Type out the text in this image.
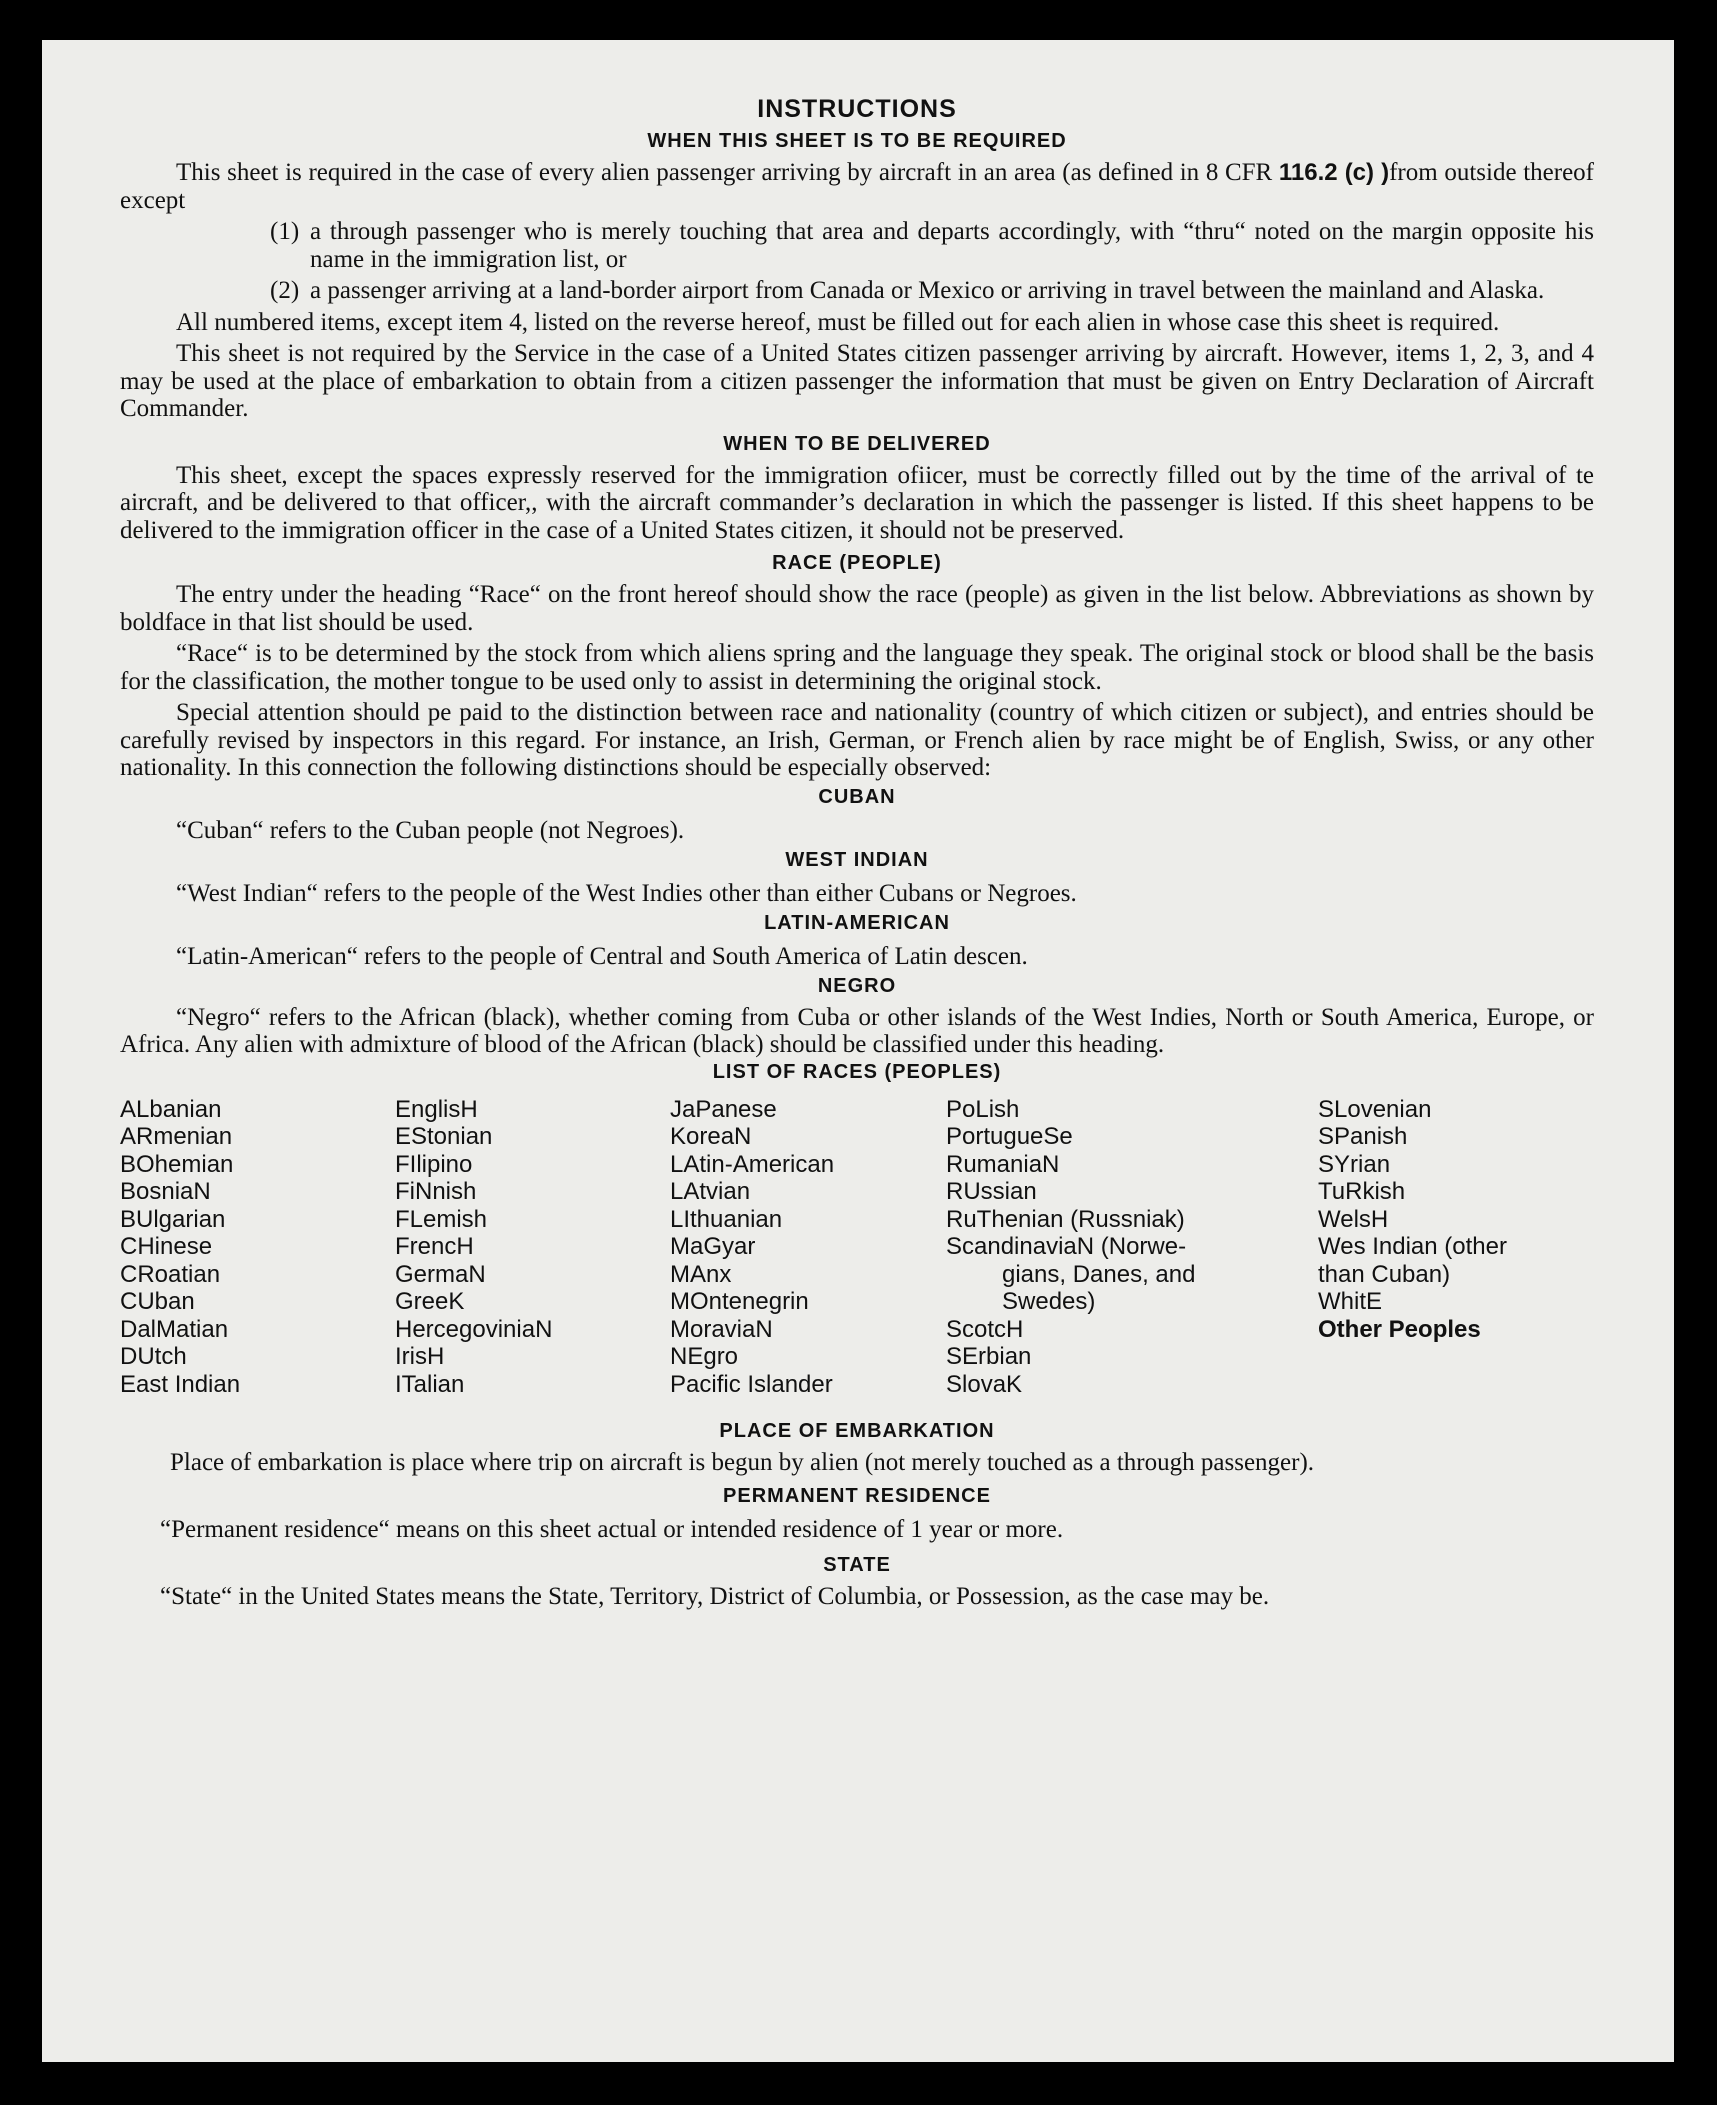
INSTRUCTIONS
WHEN THIS SHEET IS TO BE REQUIRED

This sheet is required in the case of every alien passenger arriving by aircraft in an area (as defined in 8 CFR 116.2 (c) )from outside thereof except

(1) a through passenger who is merely touching that area and departs accordingly, with “thru“ noted on the margin opposite his name in the immigration list, or
(2) a passenger arriving at a land-border airport from Canada or Mexico or arriving in travel between the mainland and Alaska.

All numbered items, except item 4, listed on the reverse hereof, must be filled out for each alien in whose case this sheet is required.

This sheet is not required by the Service in the case of a United States citizen passenger arriving by aircraft. However, items 1, 2, 3, and 4 may be used at the place of embarkation to obtain from a citizen passenger the information that must be given on Entry Declaration of Aircraft Commander.

WHEN TO BE DELIVERED

This sheet, except the spaces expressly reserved for the immigration ofiicer, must be correctly filled out by the time of the arrival of te aircraft, and be delivered to that officer,, with the aircraft commander’s declaration in which the passenger is listed. If this sheet happens to be delivered to the immigration officer in the case of a United States citizen, it should not be preserved.

RACE (PEOPLE)

The entry under the heading “Race“ on the front hereof should show the race (people) as given in the list below. Abbreviations as shown by boldface in that list should be used.

“Race“ is to be determined by the stock from which aliens spring and the language they speak. The original stock or blood shall be the basis for the classification, the mother tongue to be used only to assist in determining the original stock.

Special attention should pe paid to the distinction between race and nationality (country of which citizen or subject), and entries should be carefully revised by inspectors in this regard. For instance, an Irish, German, or French alien by race might be of English, Swiss, or any other nationality. In this connection the following distinctions should be especially observed:

CUBAN
“Cuban“ refers to the Cuban people (not Negroes).
WEST INDIAN
“West Indian“ refers to the people of the West Indies other than either Cubans or Negroes.
LATIN-AMERICAN
“Latin-American“ refers to the people of Central and South America of Latin descen.
NEGRO

“Negro“ refers to the African (black), whether coming from Cuba or other islands of the West Indies, North or South America, Europe, or Africa. Any alien with admixture of blood of the African (black) should be classified under this heading.

LIST OF RACES (PEOPLES)
ALbanian
ARmenian
BOhemian
BosniaN
BUlgarian
CHinese
CRoatian
CUban
DalMatian
DUtch
East Indian
EnglisH
EStonian
FIlipino
FiNnish
FLemish
FrencH
GermaN
GreeK
HercegoviniaN
IrisH
ITalian
JaPanese
KoreaN
LAtin-American
LAtvian
LIthuanian
MaGyar
MAnx
MOntenegrin
MoraviaN
NEgro
Pacific Islander
PoLish
PortugueSe
RumaniaN
RUssian
RuThenian (Russniak)
ScandinaviaN (Norwe-
gians, Danes, and
Swedes)
ScotcH
SErbian
SlovaK
SLovenian
SPanish
SYrian
TuRkish
WelsH
Wes Indian (other
than Cuban)
WhitE
Other Peoples
PLACE OF EMBARKATION

Place of embarkation is place where trip on aircraft is begun by alien (not merely touched as a through passenger).

PERMANENT RESIDENCE
“Permanent residence“ means on this sheet actual or intended residence of 1 year or more.
STATE

“State“ in the United States means the State, Territory, District of Columbia, or Possession, as the case may be.
